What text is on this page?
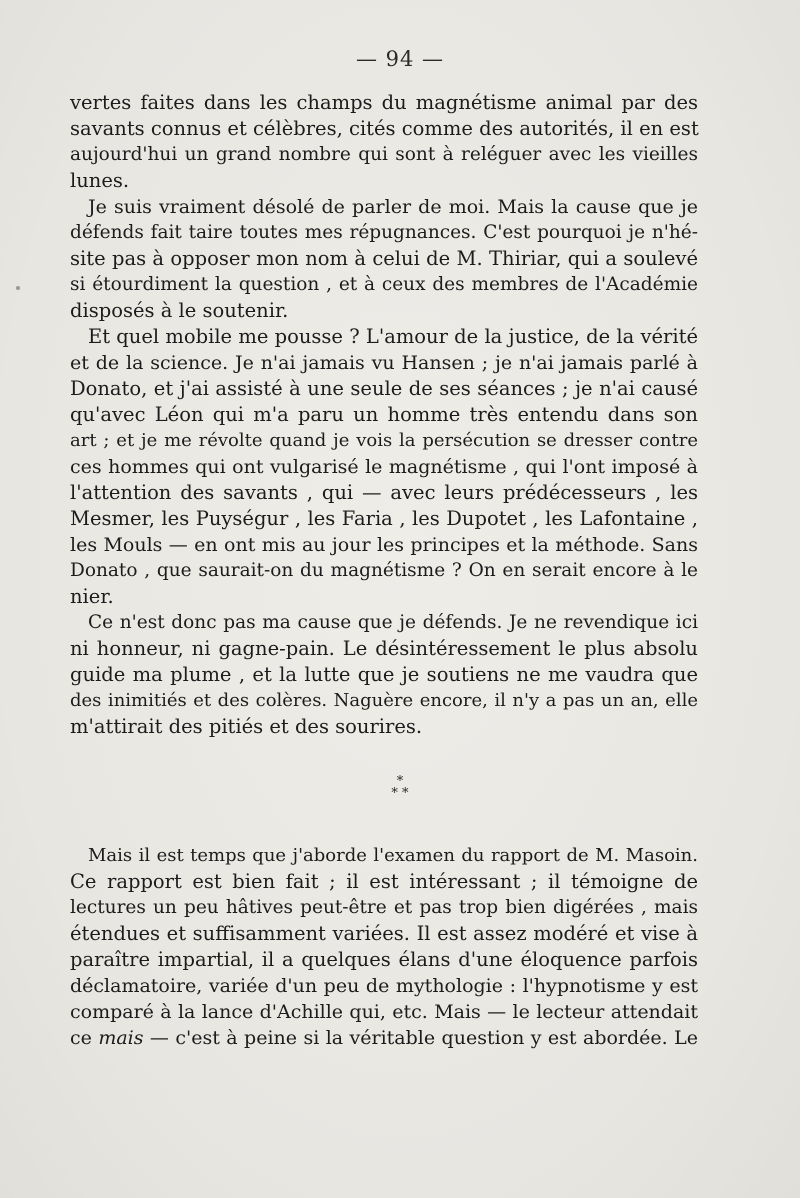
— 94 —
vertes faites dans les champs du magnétisme animal par des
savants connus et célèbres, cités comme des autorités, il en est
aujourd'hui un grand nombre qui sont à reléguer avec les vieilles
lunes.
Je suis vraiment désolé de parler de moi. Mais la cause que je
défends fait taire toutes mes répugnances. C'est pourquoi je n'hé-
site pas à opposer mon nom à celui de M. Thiriar, qui a soulevé
si étourdiment la question , et à ceux des membres de l'Académie
disposés à le soutenir.
Et quel mobile me pousse ? L'amour de la justice, de la vérité
et de la science. Je n'ai jamais vu Hansen ; je n'ai jamais parlé à
Donato, et j'ai assisté à une seule de ses séances ; je n'ai causé
qu'avec Léon qui m'a paru un homme très entendu dans son
art ; et je me révolte quand je vois la persécution se dresser contre
ces hommes qui ont vulgarisé le magnétisme , qui l'ont imposé à
l'attention des savants , qui — avec leurs prédécesseurs , les
Mesmer, les Puységur , les Faria , les Dupotet , les Lafontaine ,
les Mouls — en ont mis au jour les principes et la méthode. Sans
Donato , que saurait-on du magnétisme ? On en serait encore à le
nier.
Ce n'est donc pas ma cause que je défends. Je ne revendique ici
ni honneur, ni gagne-pain. Le désintéressement le plus absolu
guide ma plume , et la lutte que je soutiens ne me vaudra que
des inimitiés et des colères. Naguère encore, il n'y a pas un an, elle
m'attirait des pitiés et des sourires.
*
* *
Mais il est temps que j'aborde l'examen du rapport de M. Masoin.
Ce rapport est bien fait ; il est intéressant ; il témoigne de
lectures un peu hâtives peut-être et pas trop bien digérées , mais
étendues et suffisamment variées. Il est assez modéré et vise à
paraître impartial, il a quelques élans d'une éloquence parfois
déclamatoire, variée d'un peu de mythologie : l'hypnotisme y est
comparé à la lance d'Achille qui, etc. Mais — le lecteur attendait
ce mais — c'est à peine si la véritable question y est abordée. Le
